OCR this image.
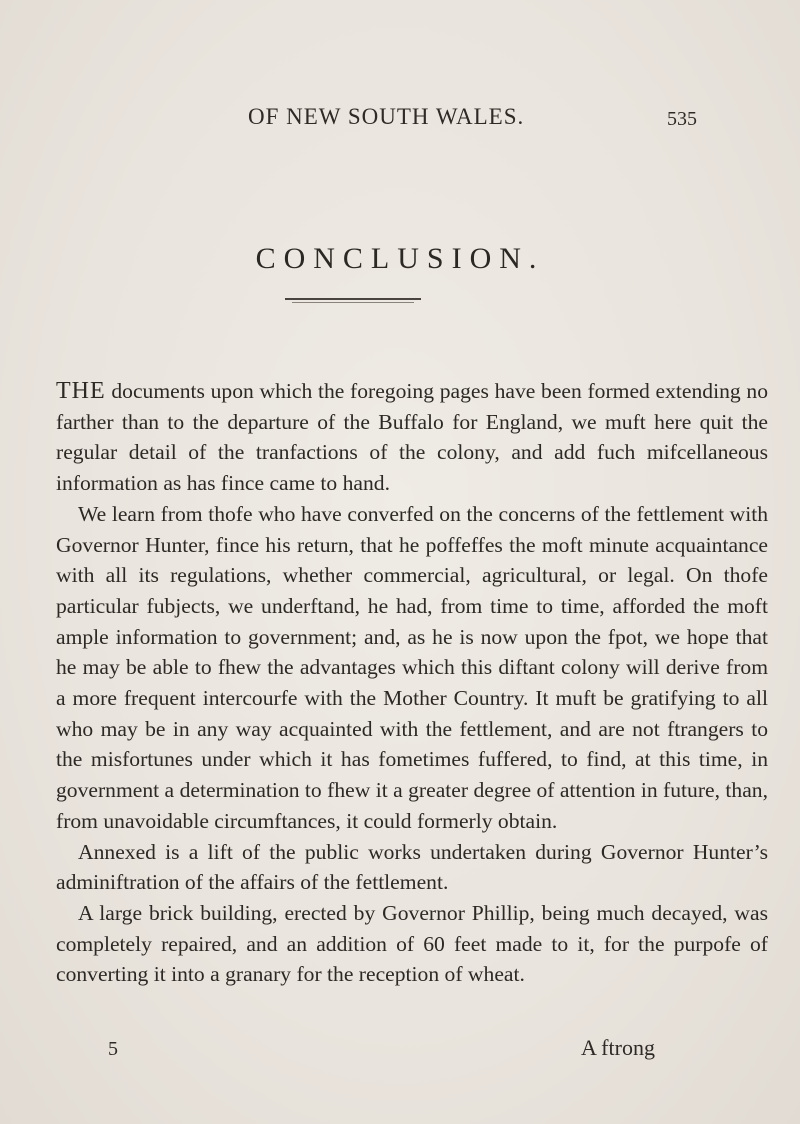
OF NEW SOUTH WALES.	535
CONCLUSION.

THE documents upon which the foregoing pages have been formed extending no farther than to the departure of the Buffalo for England, we muft here quit the regular detail of the tranfactions of the colony, and add fuch mifcellaneous information as has fince came to hand.

We learn from thofe who have converfed on the concerns of the fettlement with Governor Hunter, fince his return, that he poffeffes the moft minute acquaintance with all its regulations, whether commercial, agricultural, or legal. On thofe particular fubjects, we underftand, he had, from time to time, afforded the moft ample information to government; and, as he is now upon the fpot, we hope that he may be able to fhew the advantages which this diftant colony will derive from a more frequent intercourfe with the Mother Country. It muft be gratifying to all who may be in any way acquainted with the fettlement, and are not ftrangers to the misfortunes under which it has fometimes fuffered, to find, at this time, in government a determination to fhew it a greater degree of attention in future, than, from unavoidable circumftances, it could formerly obtain.

Annexed is a lift of the public works undertaken during Governor Hunter’s adminiftration of the affairs of the fettlement.

A large brick building, erected by Governor Phillip, being much decayed, was completely repaired, and an addition of 60 feet made to it, for the purpofe of converting it into a granary for the reception of wheat.

5	A ftrong
